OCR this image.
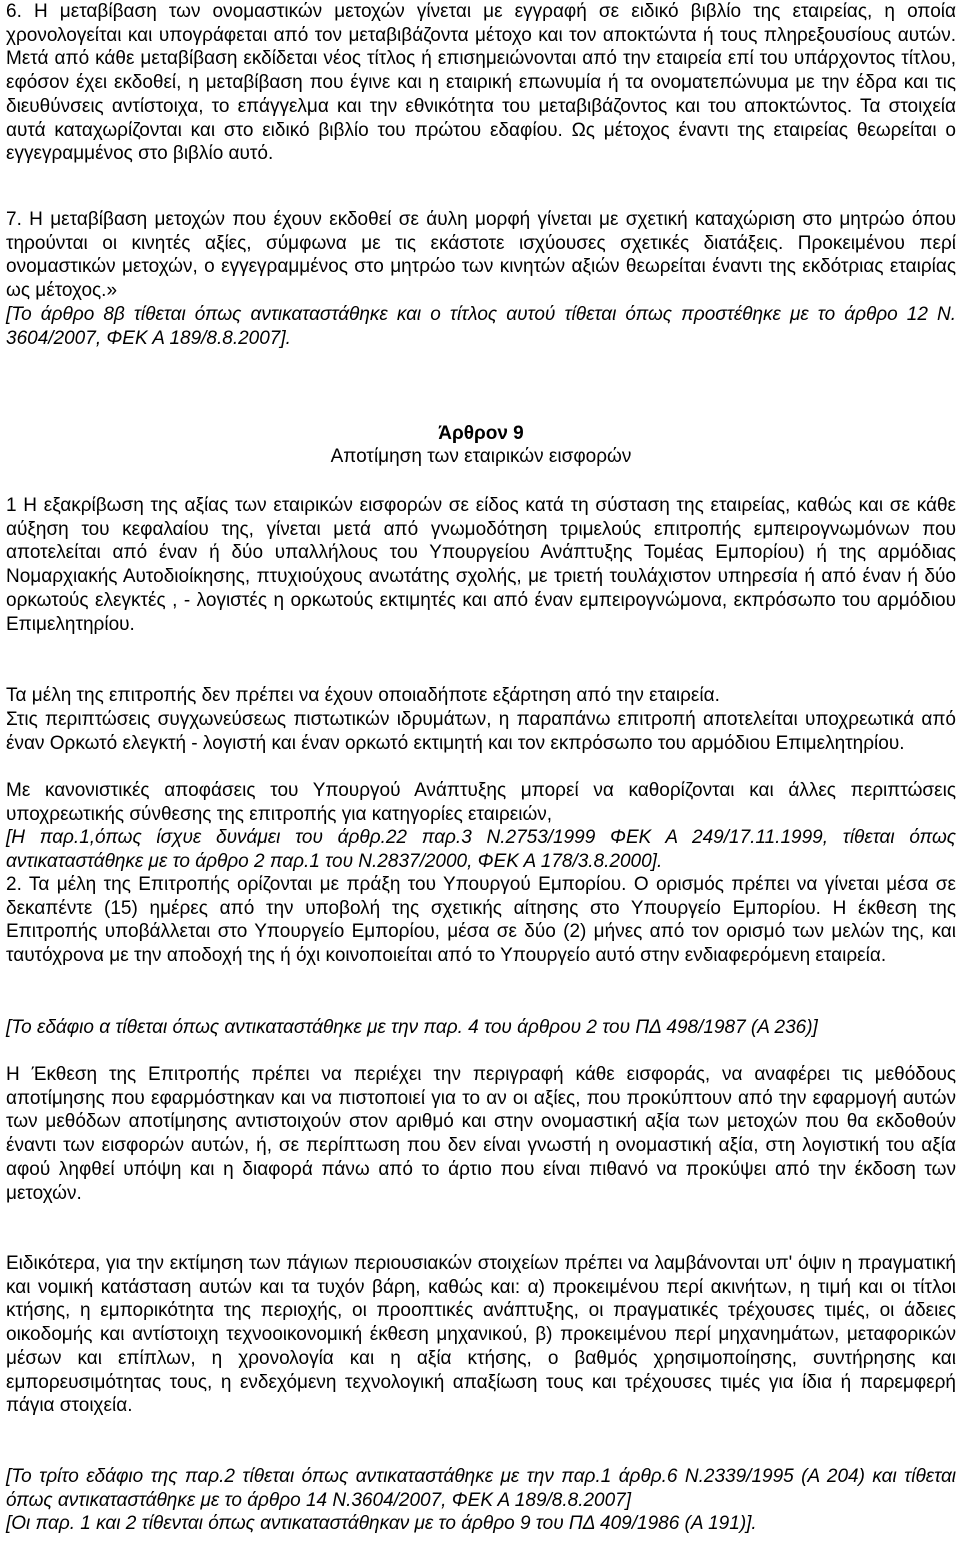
6. Η μεταβίβαση των ονομαστικών μετοχών γίνεται με εγγραφή σε ειδικό βιβλίο της εταιρείας, η οποία χρονολογείται και υπογράφεται από τον μεταβιβάζοντα μέτοχο και τον αποκτώντα ή τους πληρεξουσίους αυτών. Μετά από κάθε μεταβίβαση εκδίδεται νέος τίτλος ή επισημειώνονται από την εταιρεία επί του υπάρχοντος τίτλου, εφόσον έχει εκδοθεί, η μεταβίβαση που έγινε και η εταιρική επωνυμία ή τα ονοματεπώνυμα με την έδρα και τις διευθύνσεις αντίστοιχα, το επάγγελμα και την εθνικότητα του μεταβιβάζοντος και του αποκτώντος. Τα στοιχεία αυτά καταχωρίζονται και στο ειδικό βιβλίο του πρώτου εδαφίου. Ως μέτοχος έναντι της εταιρείας θεωρείται ο εγγεγραμμένος στο βιβλίο αυτό.

7. Η μεταβίβαση μετοχών που έχουν εκδοθεί σε άυλη μορφή γίνεται με σχετική καταχώριση στο μητρώο όπου τηρούνται οι κινητές αξίες, σύμφωνα με τις εκάστοτε ισχύουσες σχετικές διατάξεις. Προκειμένου περί ονομαστικών μετοχών, ο εγγεγραμμένος στο μητρώο των κινητών αξιών θεωρείται έναντι της εκδότριας εταιρίας ως μέτοχος.»

[Το άρθρο 8β τίθεται όπως αντικαταστάθηκε και ο τίτλος αυτού τίθεται όπως προστέθηκε με το άρθρο 12 Ν. 3604/2007, ΦΕΚ Α 189/8.8.2007].

Άρθρον 9

Αποτίμηση των εταιρικών εισφορών

1 Η εξακρίβωση της αξίας των εταιρικών εισφορών σε είδος κατά τη σύσταση της εταιρείας, καθώς και σε κάθε αύξηση του κεφαλαίου της, γίνεται μετά από γνωμοδότηση τριμελούς επιτροπής εμπειρογνωμόνων που αποτελείται από έναν ή δύο υπαλλήλους του Υπουργείου Ανάπτυξης Τομέας Εμπορίου) ή της αρμόδιας Νομαρχιακής Αυτοδιοίκησης, πτυχιούχους ανωτάτης σχολής, με τριετή τουλάχιστον υπηρεσία ή από έναν ή δύο ορκωτούς ελεγκτές , - λογιστές η ορκωτούς εκτιμητές και από έναν εμπειρογνώμονα, εκπρόσωπο του αρμόδιου Επιμελητηρίου.

Τα μέλη της επιτροπής δεν πρέπει να έχουν οποιαδήποτε εξάρτηση από την εταιρεία.

Στις περιπτώσεις συγχωνεύσεως πιστωτικών ιδρυμάτων, η παραπάνω επιτροπή αποτελείται υποχρεωτικά από έναν Ορκωτό ελεγκτή - λογιστή και έναν ορκωτό εκτιμητή και τον εκπρόσωπο του αρμόδιου Επιμελητηρίου.

Με κανονιστικές αποφάσεις του Υπουργού Ανάπτυξης μπορεί να καθορίζονται και άλλες περιπτώσεις υποχρεωτικής σύνθεσης της επιτροπής για κατηγορίες εταιρειών,

[Η παρ.1,όπως ίσχυε δυνάμει του άρθρ.22 παρ.3 Ν.2753/1999 ΦΕΚ Α 249/17.11.1999, τίθεται όπως αντικαταστάθηκε με το άρθρο 2 παρ.1 του Ν.2837/2000, ΦΕΚ Α 178/3.8.2000].

2. Τα μέλη της Επιτροπής ορίζονται με πράξη του Υπουργού Εμπορίου. Ο ορισμός πρέπει να γίνεται μέσα σε δεκαπέντε (15) ημέρες από την υποβολή της σχετικής αίτησης στο Υπουργείο Εμπορίου. Η έκθεση της Επιτροπής υποβάλλεται στο Υπουργείο Εμπορίου, μέσα σε δύο (2) μήνες από τον ορισμό των μελών της, και ταυτόχρονα με την αποδοχή της ή όχι κοινοποιείται από το Υπουργείο αυτό στην ενδιαφερόμενη εταιρεία.

[Το εδάφιο α τίθεται όπως αντικαταστάθηκε με την παρ. 4 του άρθρου 2 του ΠΔ 498/1987 (Α 236)]

Η Έκθεση της Επιτροπής πρέπει να περιέχει την περιγραφή κάθε εισφοράς, να αναφέρει τις μεθόδους αποτίμησης που εφαρμόστηκαν και να πιστοποιεί για το αν οι αξίες, που προκύπτουν από την εφαρμογή αυτών των μεθόδων αποτίμησης αντιστοιχούν στον αριθμό και στην ονομαστική αξία των μετοχών που θα εκδοθούν έναντι των εισφορών αυτών, ή, σε περίπτωση που δεν είναι γνωστή η ονομαστική αξία, στη λογιστική του αξία αφού ληφθεί υπόψη και η διαφορά πάνω από το άρτιο που είναι πιθανό να προκύψει από την έκδοση των μετοχών.

Ειδικότερα, για την εκτίμηση των πάγιων περιουσιακών στοιχείων πρέπει να λαμβάνονται υπ' όψιν η πραγματική και νομική κατάσταση αυτών και τα τυχόν βάρη, καθώς και: α) προκειμένου περί ακινήτων, η τιμή και οι τίτλοι κτήσης, η εμπορικότητα της περιοχής, οι προοπτικές ανάπτυξης, οι πραγματικές τρέχουσες τιμές, οι άδειες οικοδομής και αντίστοιχη τεχνοοικονομική έκθεση μηχανικού, β) προκειμένου περί μηχανημάτων, μεταφορικών μέσων και επίπλων, η χρονολογία και η αξία κτήσης, ο βαθμός χρησιμοποίησης, συντήρησης και εμπορευσιμότητας τους, η ενδεχόμενη τεχνολογική απαξίωση τους και τρέχουσες τιμές για ίδια ή παρεμφερή πάγια στοιχεία.

[Το τρίτο εδάφιο της παρ.2 τίθεται όπως αντικαταστάθηκε με την παρ.1 άρθρ.6 Ν.2339/1995 (Α 204) και τίθεται όπως αντικαταστάθηκε με το άρθρο 14 Ν.3604/2007, ΦΕΚ Α 189/8.8.2007]

[Οι παρ. 1 και 2 τίθενται όπως αντικαταστάθηκαν με το άρθρο 9 του ΠΔ 409/1986 (Α 191)].
